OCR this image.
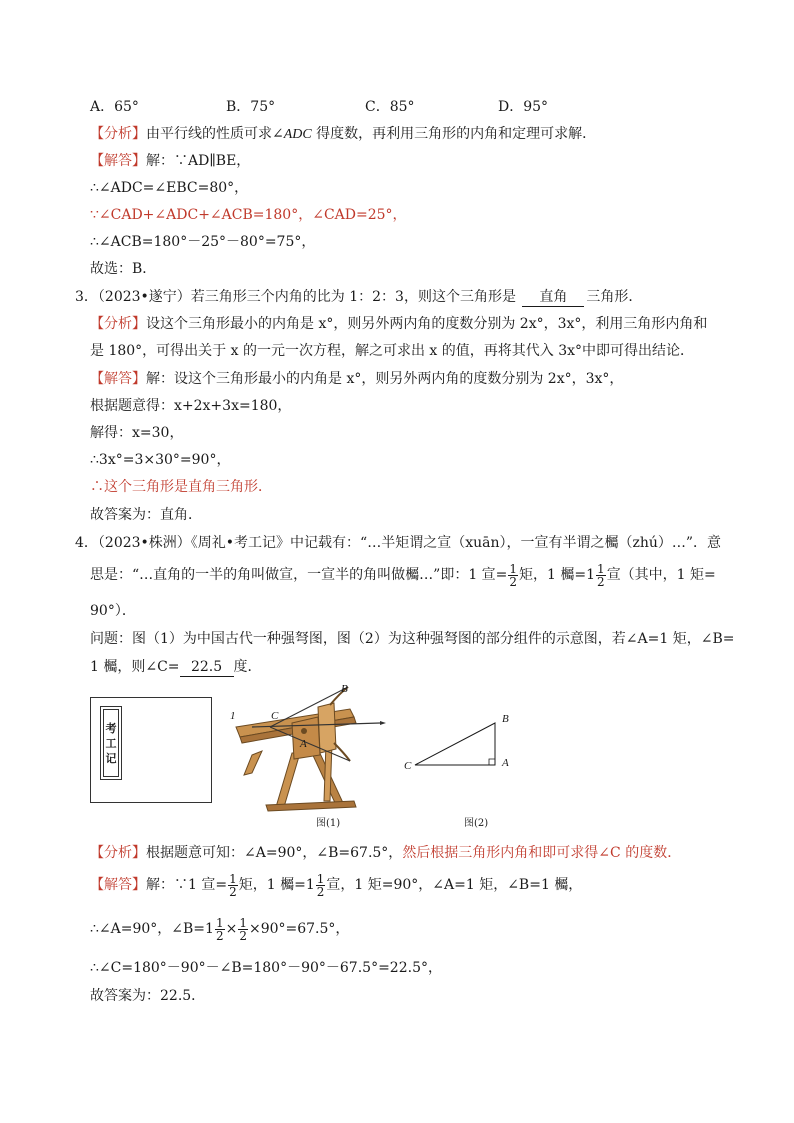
A．65°	B．75°	C．85°	D．95°
【分析】由平行线的性质可求∠ADC 得度数，再利用三角形的内角和定理可求解．
【解答】解：∵AD∥BE，
∴∠ADC=∠EBC=80°，
∵∠CAD+∠ADC+∠ACB=180°，∠CAD=25°，
∴∠ACB=180°－25°－80°=75°，
故选：B．
3．（2023•遂宁）若三角形三个内角的比为 1：2：3，则这个三角形是 直角 三角形．
【分析】设这个三角形最小的内角是 x°，则另外两内角的度数分别为 2x°，3x°，利用三角形内角和
是 180°，可得出关于 x 的一元一次方程，解之可求出 x 的值，再将其代入 3x°中即可得出结论．
【解答】解：设这个三角形最小的内角是 x°，则另外两内角的度数分别为 2x°，3x°，
根据题意得：x+2x+3x=180，
解得：x=30，
∴3x°=3×30°=90°，
∴这个三角形是直角三角形．
故答案为：直角．
4．（2023•株洲）《周礼•考工记》中记载有：“…半矩谓之宣（xuān），一宣有半谓之欘（zhú）…”．意
思是：“…直角的一半的角叫做宣，一宣半的角叫做欘…”即：1 宣= $\frac{1}{2}$ 矩，1 欘$=1 \frac{1}{2}$ 宣（其中，1 矩=
90°）．
问题：图（1）为中国古代一种强弩图，图（2）为这种强弩图的部分组件的示意图，若∠A=1 矩，∠B=
1 欘，则∠C= 22.5 度．
考
工
记
B
C
A
1
图(1)
B
A
C
图(2)
【分析】根据题意可知：∠A=90°，∠B=67.5°，然后根据三角形内角和即可求得∠C 的度数．
【解答】解：∵1 宣= $\frac{1}{2}$ 矩，1 欘$=1 \frac{1}{2}$ 宣，1 矩=90°，∠A=1 矩，∠B=1 欘，
∴∠A=90°，∠B=1 $\frac{1}{2} \times \frac{1}{2} \times 90^\circ=67.5^\circ$，
∴∠C=180°－90°－∠B=180°－90°－67.5°=22.5°，
故答案为：22.5．
